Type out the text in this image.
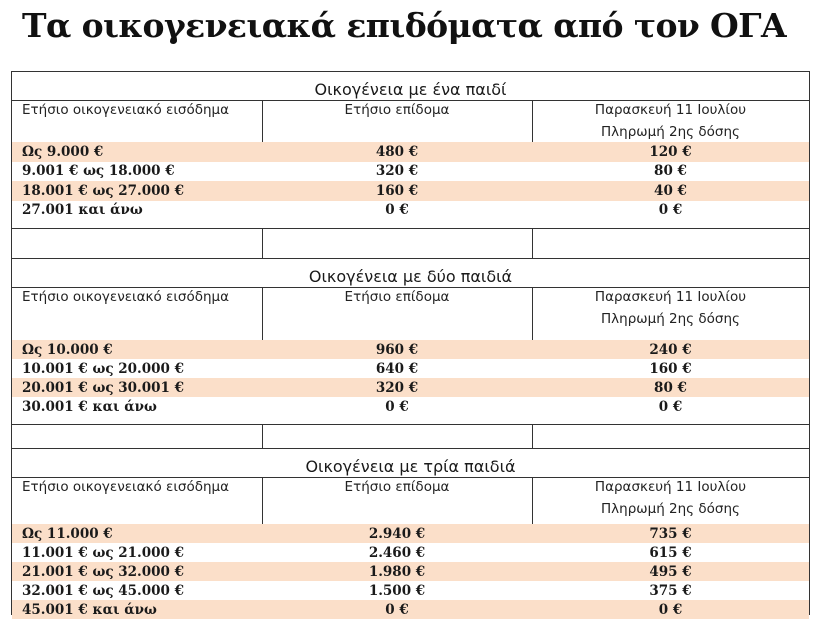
Τα οικογενειακά επιδόματα από τον ΟΓΑ
Οικογένεια με ένα παιδί
Ετήσιο οικογενειακό εισόδημα	Ετήσιο επίδομα	Παρασκευή 11 Ιουλίου
Πληρωμή 2ης δόσης
Ως 9.000 €	480 €	120 €
9.001 € ως 18.000 €	320 €	80 €
18.001 € ως 27.000 €	160 €	40 €
27.001 και άνω	0 €	0 €
Οικογένεια με δύο παιδιά
Ετήσιο οικογενειακό εισόδημα	Ετήσιο επίδομα	Παρασκευή 11 Ιουλίου
Πληρωμή 2ης δόσης
Ως 10.000 €	960 €	240 €
10.001 € ως 20.000 €	640 €	160 €
20.001 € ως 30.001 €	320 €	80 €
30.001 € και άνω	0 €	0 €
Οικογένεια με τρία παιδιά
Ετήσιο οικογενειακό εισόδημα	Ετήσιο επίδομα	Παρασκευή 11 Ιουλίου
Πληρωμή 2ης δόσης
Ως 11.000 €	2.940 €	735 €
11.001 € ως 21.000 €	2.460 €	615 €
21.001 € ως 32.000 €	1.980 €	495 €
32.001 € ως 45.000 €	1.500 €	375 €
45.001 € και άνω	0 €	0 €
